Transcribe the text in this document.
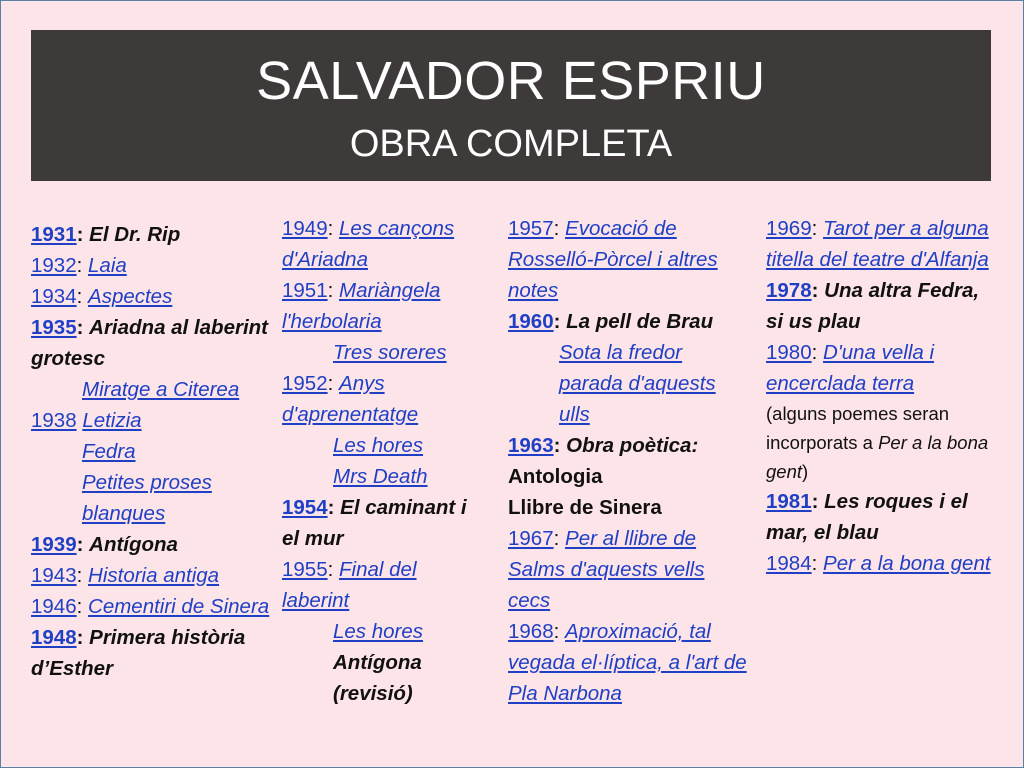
SALVADOR ESPRIU
OBRA COMPLETA
1931: El Dr. Rip
1932: Laia
1934: Aspectes
1935: Ariadna al laberint grotesc
Miratge a Citerea
1938 Letizia
Fedra
Petites proses blanques
1939: Antígona
1943: Historia antiga
1946: Cementiri de Sinera
1948: Primera història d’Esther
1949: Les cançons d'Ariadna
1951: Mariàngela l'herbolaria
Tres soreres
1952: Anys d'aprenentatge
Les hores
Mrs Death
1954: El caminant i el mur
1955: Final del laberint
Les hores
Antígona (revisió)
1957: Evocació de Rosselló-Pòrcel i altres notes
1960: La pell de Brau
Sota la fredor parada d'aquests ulls
1963: Obra poètica:
Antologia
Llibre de Sinera
1967: Per al llibre de Salms d'aquests vells cecs
1968: Aproximació, tal vegada el·líptica, a l'art de Pla Narbona
1969: Tarot per a alguna titella del teatre d'Alfanja
1978: Una altra Fedra, si us plau
1980: D'una vella i encerclada terra
(alguns poemes seran incorporats a Per a la bona gent)
1981: Les roques i el mar, el blau
1984: Per a la bona gent
